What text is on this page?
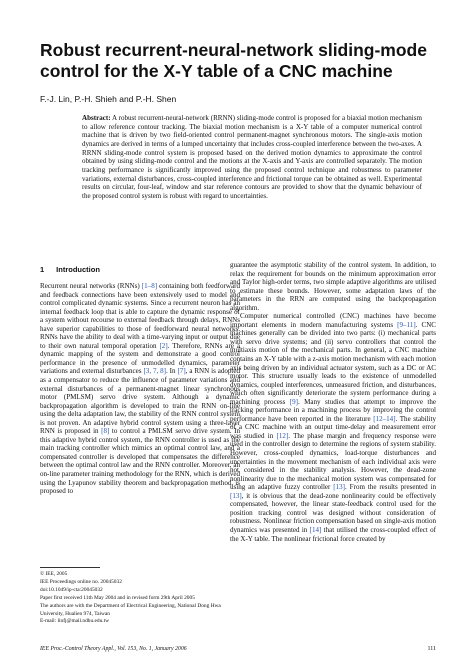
Robust recurrent-neural-network sliding-mode control for the X-Y table of a CNC machine
F.-J. Lin, P.-H. Shieh and P.-H. Shen
Abstract: A robust recurrent-neural-network (RRNN) sliding-mode control is proposed for a biaxial motion mechanism to allow reference contour tracking. The biaxial motion mechanism is a X-Y table of a computer numerical control machine that is driven by two field-oriented control permanent-magnet synchronous motors. The single-axis motion dynamics are derived in terms of a lumped uncertainty that includes cross-coupled interference between the two-axes. A RRNN sliding-mode control system is proposed based on the derived motion dynamics to approximate the control obtained by using sliding-mode control and the motions at the X-axis and Y-axis are controlled separately. The motion tracking performance is significantly improved using the proposed control technique and robustness to parameter variations, external disturbances, cross-coupled interference and frictional torque can be obtained as well. Experimental results on circular, four-leaf, window and star reference contours are provided to show that the dynamic behaviour of the proposed control system is robust with regard to uncertainties.
1 Introduction

Recurrent neural networks (RNNs) [1–8] containing both feedforward and feedback connections have been extensively used to model and control complicated dynamic systems. Since a recurrent neuron has an internal feedback loop that is able to capture the dynamic response of a system without recourse to external feedback through delays, RNNs have superior capabilities to those of feedforward neural networks. RNNs have the ability to deal with a time-varying input or output due to their own natural temporal operation [2]. Therefore, RNNs are a dynamic mapping of the system and demonstrate a good control performance in the presence of unmodelled dynamics, parameter variations and external disturbances [3, 7, 8]. In [7], a RNN is adopted as a compensator to reduce the influence of parameter variations and external disturbances of a permanent-magnet linear synchronous motor (PMLSM) servo drive system. Although a dynamic backpropagation algorithm is developed to train the RNN on-line using the delta adaptation law, the stability of the RNN control system is not proven. An adaptive hybrid control system using a three-layer RNN is proposed in [8] to control a PMLSM servo drive system. In this adaptive hybrid control system, the RNN controller is used as the main tracking controller which mimics an optimal control law, and a compensated controller is developed that compensates the difference between the optimal control law and the RNN controller. Moreover, an on-line parameter training methodology for the RNN, which is derived using the Lyapunov stability theorem and backpropagation method, is proposed to

guarantee the asymptotic stability of the control system. In addition, to relax the requirement for bounds on the minimum approximation error and Taylor high-order terms, two simple adaptive algorithms are utilised to estimate these bounds. However, some adaptation laws of the parameters in the RRN are computed using the backpropagation algorithm.

Computer numerical controlled (CNC) machines have become important elements in modern manufacturing systems [9–11]. CNC machines generally can be divided into two parts: (i) mechanical parts with servo drive systems; and (ii) servo controllers that control the multiaxis motion of the mechanical parts. In general, a CNC machine contains an X-Y table with a z-axis motion mechanism with each motion axis being driven by an individual actuator system, such as a DC or AC motor. This structure usually leads to the existence of unmodelled dynamics, coupled interferences, unmeasured friction, and disturbances, which often significantly deteriorate the system performance during a machining process [9]. Many studies that attempt to improve the tracking performance in a machining process by improving the control performance have been reported in the literature [12–14]. The stability of a CNC machine with an output time-delay and measurement error was studied in [12]. The phase margin and frequency response were used in the controller design to determine the regions of system stability. However, cross-coupled dynamics, load-torque disturbances and uncertainties in the movement mechanism of each individual axis were not considered in the stability analysis. However, the dead-zone nonlinearity due to the mechanical motion system was compensated for using an adaptive fuzzy controller [13]. From the results presented in [13], it is obvious that the dead-zone nonlinearity could be effectively compensated, however, the linear state-feedback control used for the position tracking control was designed without consideration of robustness. Nonlinear friction compensation based on single-axis motion dynamics was presented in [14] that utilised the cross-coupled effect of the X-Y table. The nonlinear frictional force created by

© IEE, 2005
IEE Proceedings online no. 20045032
doi:10.1049/ip-cta:20045032
Paper first received 11th May 2004 and in revised form 29th April 2005
The authors are with the Department of Electrical Engineering, National Dong Hwa
University, Hualien 974, Taiwan
E-mail: linfj@mail.ndhu.edu.tw
IEE Proc.-Control Theory Appl., Vol. 153, No. 1, January 2006	111
